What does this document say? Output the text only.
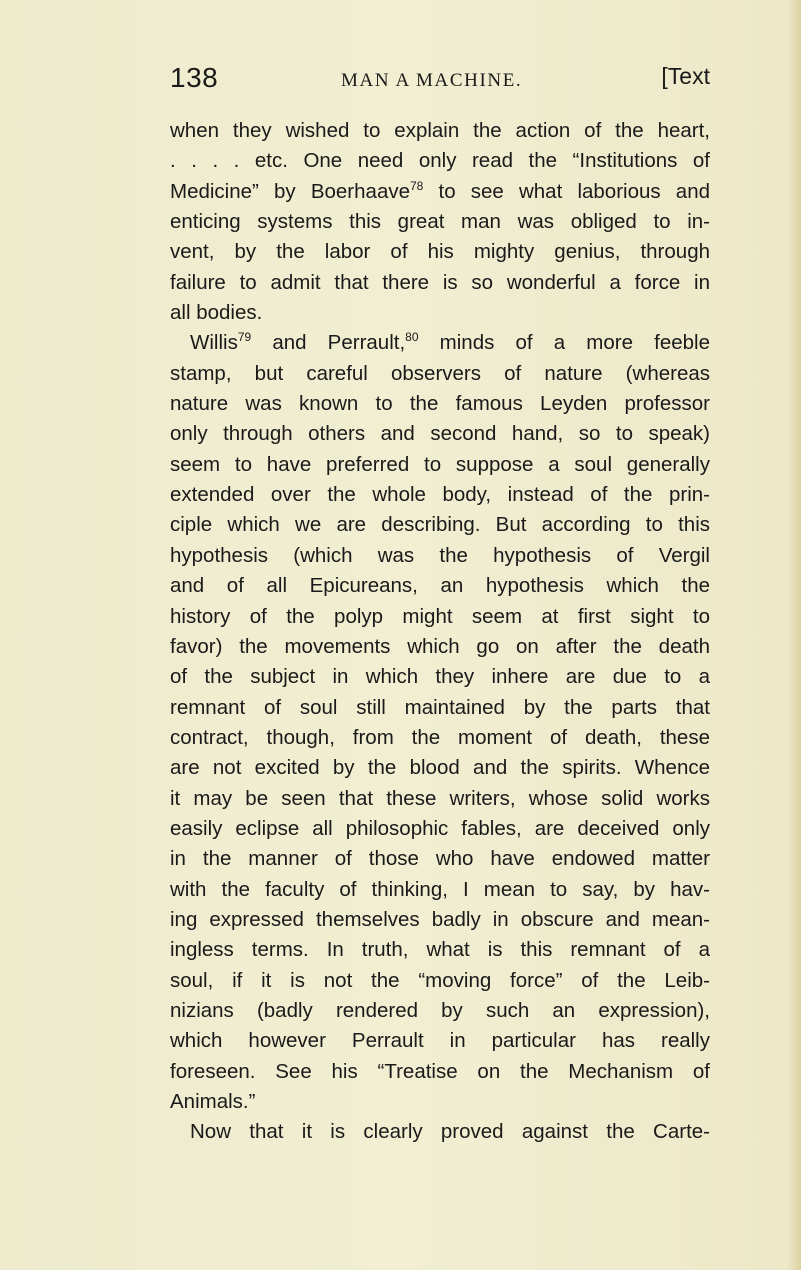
138	MAN A MACHINE.	[Text
when they wished to explain the action of the heart,
. . . . etc. One need only read the “Institutions of
Medicine” by Boerhaave$^{78}$ to see what laborious and
enticing systems this great man was obliged to in-
vent, by the labor of his mighty genius, through
failure to admit that there is so wonderful a force in
all bodies.
Willis$^{79}$ and Perrault,$^{80}$ minds of a more feeble
stamp, but careful observers of nature (whereas
nature was known to the famous Leyden professor
only through others and second hand, so to speak)
seem to have preferred to suppose a soul generally
extended over the whole body, instead of the prin-
ciple which we are describing. But according to this
hypothesis (which was the hypothesis of Vergil
and of all Epicureans, an hypothesis which the
history of the polyp might seem at first sight to
favor) the movements which go on after the death
of the subject in which they inhere are due to a
remnant of soul still maintained by the parts that
contract, though, from the moment of death, these
are not excited by the blood and the spirits. Whence
it may be seen that these writers, whose solid works
easily eclipse all philosophic fables, are deceived only
in the manner of those who have endowed matter
with the faculty of thinking, I mean to say, by hav-
ing expressed themselves badly in obscure and mean-
ingless terms. In truth, what is this remnant of a
soul, if it is not the “moving force” of the Leib-
nizians (badly rendered by such an expression),
which however Perrault in particular has really
foreseen. See his “Treatise on the Mechanism of
Animals.”
Now that it is clearly proved against the Carte-
